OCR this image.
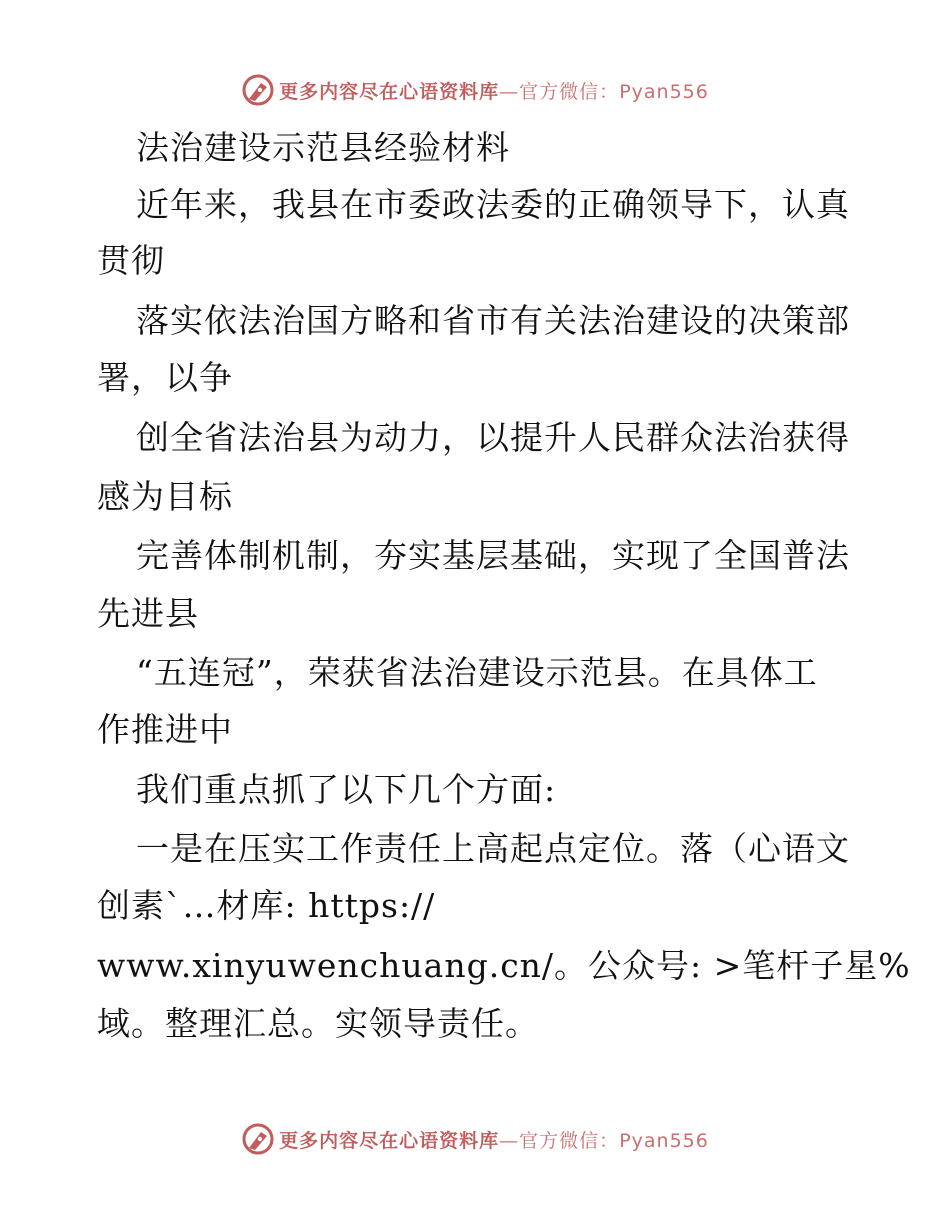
更多内容尽在心语资料库—官方微信：Pyan556
法治建设示范县经验材料
近年来，我县在市委政法委的正确领导下，认真
贯彻
落实依法治国方略和省市有关法治建设的决策部
署，以争
创全省法治县为动力，以提升人民群众法治获得
感为目标
完善体制机制，夯实基层基础，实现了全国普法
先进县
“五连冠”，荣获省法治建设示范县。在具体工
作推进中
我们重点抓了以下几个方面:
一是在压实工作责任上高起点定位。落（心语文
创素`…材库: https://
www.xinyuwenchuang.cn/。公众号: >笔杆子星%
域。整理汇总。实领导责任。
更多内容尽在心语资料库—官方微信：Pyan556
